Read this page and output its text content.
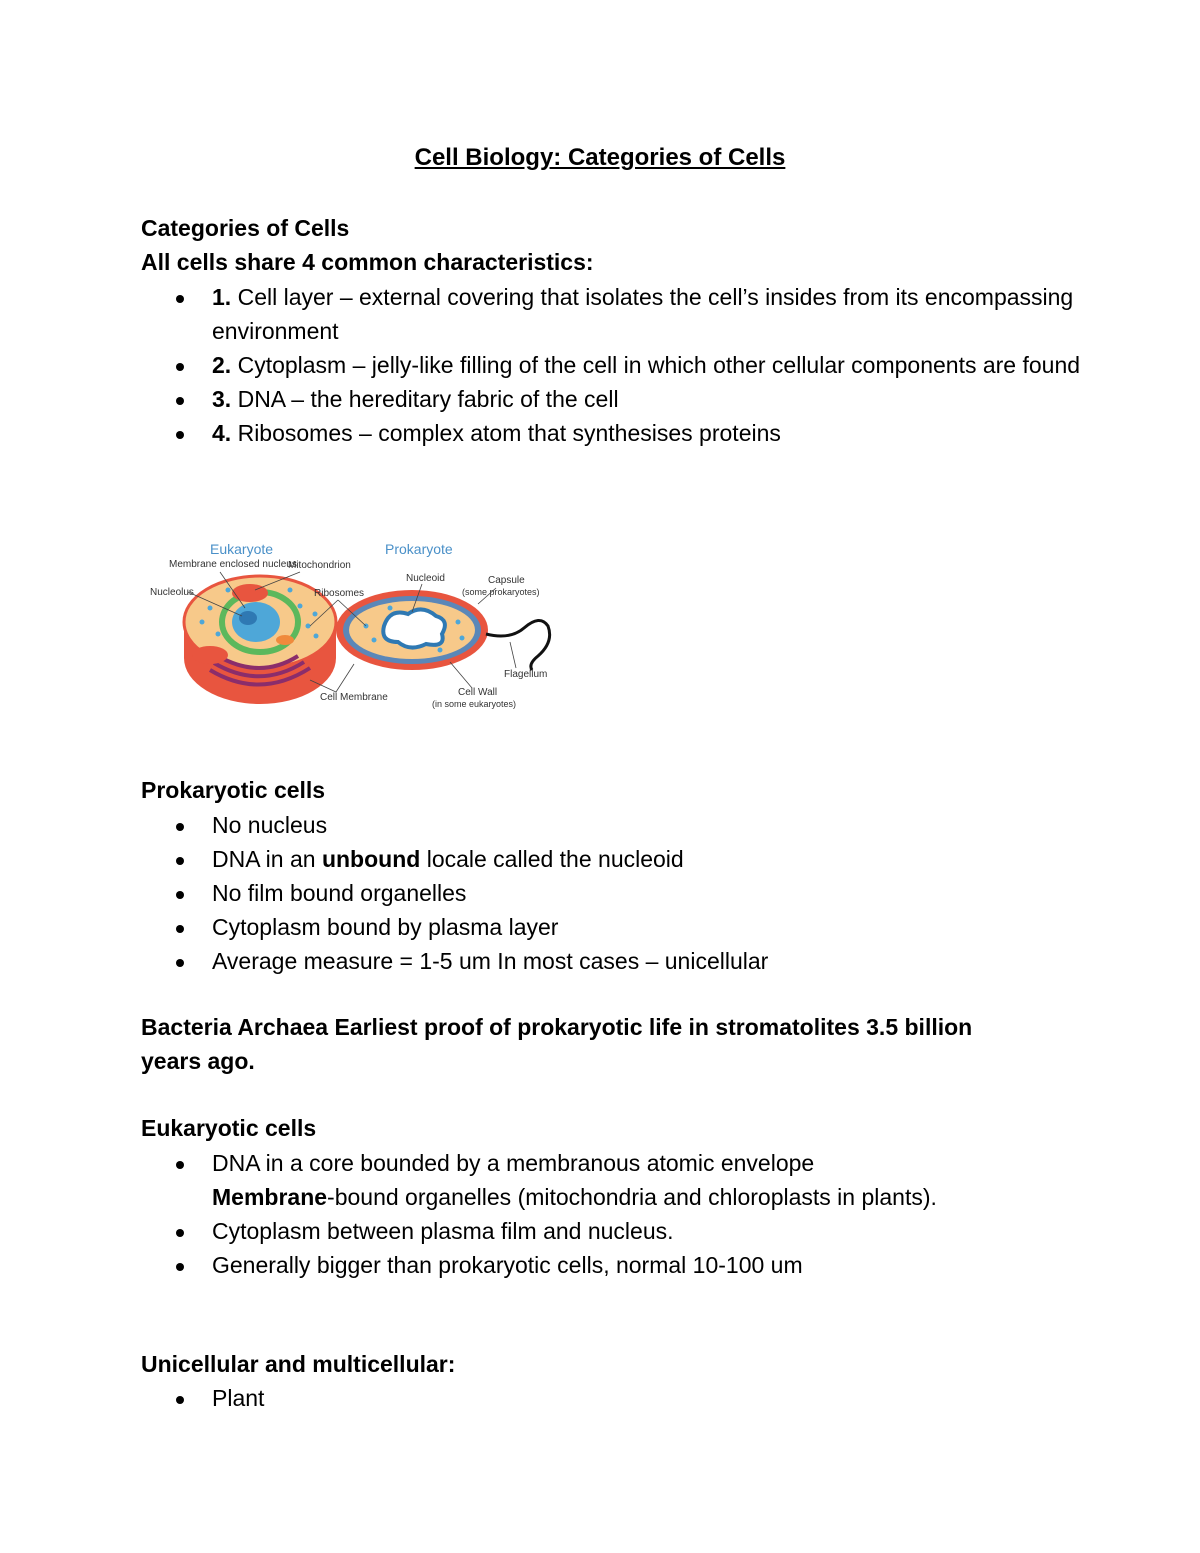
Cell Biology: Categories of Cells
Categories of Cells
All cells share 4 common characteristics:
1. Cell layer – external covering that isolates the cell’s insides from its encompassing environment
2. Cytoplasm – jelly-like filling of the cell in which other cellular components are found
3. DNA – the hereditary fabric of the cell
4. Ribosomes – complex atom that synthesises proteins
Eukaryote	Prokaryote
Membrane enclosed nucleus
Mitochondrion
Nucleolus	Ribosomes
Nucleoid	Capsule
(some prokaryotes)
Flagellum
Cell Membrane	Cell Wall
(in some eukaryotes)
Prokaryotic cells
No nucleus
DNA in an unbound locale called the nucleoid
No film bound organelles
Cytoplasm bound by plasma layer
Average measure = 1-5 um In most cases – unicellular
Bacteria Archaea Earliest proof of prokaryotic life in stromatolites 3.5 billion years ago.
Eukaryotic cells
DNA in a core bounded by a membranous atomic envelope
Membrane-bound organelles (mitochondria and chloroplasts in plants).
Cytoplasm between plasma film and nucleus.
Generally bigger than prokaryotic cells, normal 10-100 um
Unicellular and multicellular:
Plant
